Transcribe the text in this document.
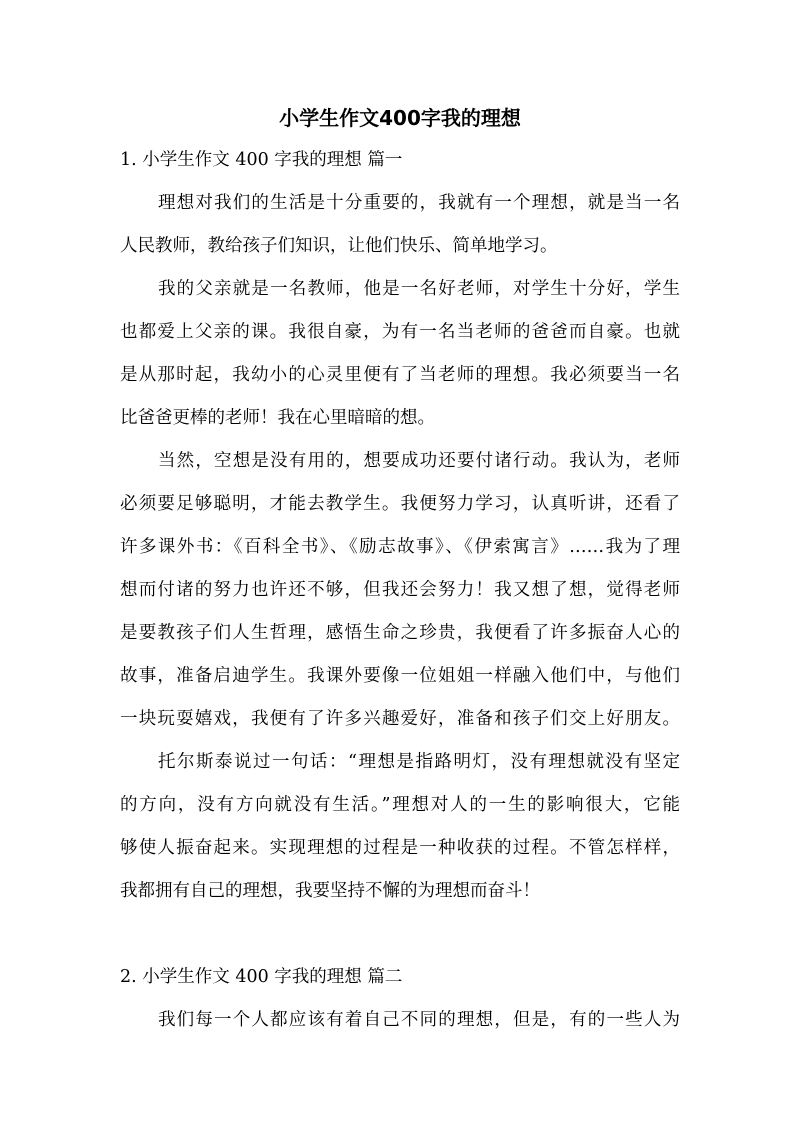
小学生作文400字我的理想
1. 小学生作文 400 字我的理想 篇一
理想对我们的生活是十分重要的，我就有一个理想，就是当一名
人民教师，教给孩子们知识，让他们快乐、简单地学习。
我的父亲就是一名教师，他是一名好老师，对学生十分好，学生
也都爱上父亲的课。我很自豪，为有一名当老师的爸爸而自豪。也就
是从那时起，我幼小的心灵里便有了当老师的理想。我必须要当一名
比爸爸更棒的老师！我在心里暗暗的想。
当然，空想是没有用的，想要成功还要付诸行动。我认为，老师
必须要足够聪明，才能去教学生。我便努力学习，认真听讲，还看了
许多课外书：《百科全书》、《励志故事》、《伊索寓言》……我为了理
想而付诸的努力也许还不够，但我还会努力！我又想了想，觉得老师
是要教孩子们人生哲理，感悟生命之珍贵，我便看了许多振奋人心的
故事，准备启迪学生。我课外要像一位姐姐一样融入他们中，与他们
一块玩耍嬉戏，我便有了许多兴趣爱好，准备和孩子们交上好朋友。
托尔斯泰说过一句话：“理想是指路明灯，没有理想就没有坚定
的方向，没有方向就没有生活。”理想对人的一生的影响很大，它能
够使人振奋起来。实现理想的过程是一种收获的过程。不管怎样样，
我都拥有自己的理想，我要坚持不懈的为理想而奋斗！
2. 小学生作文 400 字我的理想 篇二
我们每一个人都应该有着自己不同的理想，但是，有的一些人为
